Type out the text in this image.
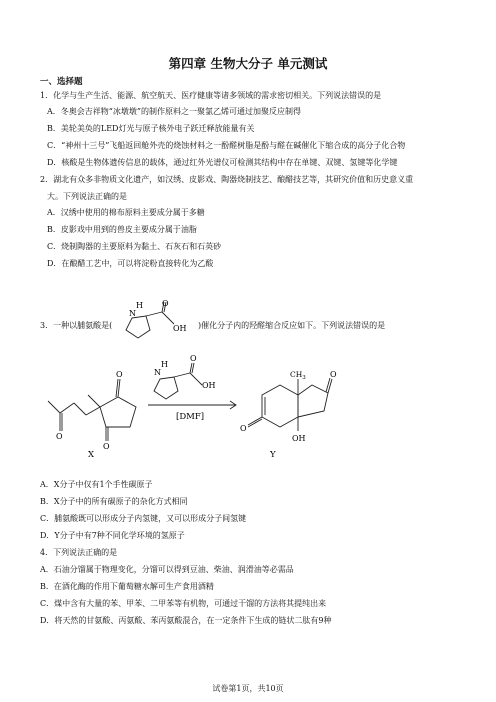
第四章 生物大分子 单元测试
一、选择题
1．化学与生产生活、能源、航空航天、医疗健康等诸多领域的需求密切相关。下列说法错误的是
A．冬奥会吉祥物“冰墩墩”的制作原料之一聚氯乙烯可通过加聚反应制得
B．美轮美奂的LED灯光与原子核外电子跃迁释放能量有关
C．“神州十三号”飞船返回舱外壳的烧蚀材料之一酚醛树脂是酚与醛在碱催化下缩合成的高分子化合物
D．核酸是生物体遗传信息的载体，通过红外光谱仪可检测其结构中存在单键、双键、氢键等化学键
2．湖北有众多非物质文化遗产，如汉绣、皮影戏、陶器烧制技艺、酿醋技艺等，其研究价值和历史意义重
大。下列说法正确的是
A．汉绣中使用的棉布原料主要成分属于多糖
B．皮影戏中用到的兽皮主要成分属于油脂
C．烧制陶器的主要原料为黏土、石灰石和石英砂
D．在酿醋工艺中，可以将淀粉直接转化为乙酸
3．一种以脯氨酸是(
N
H O
OH )催化分子内的羟醛缩合反应如下。下列说法错误的是
N
H
O
OH
[DMF]
O
O
O
X
$CH_3$	O
O
OH
Y
A．X分子中仅有1个手性碳原子
B．X分子中的所有碳原子的杂化方式相同
C．脯氨酸既可以形成分子内氢键，又可以形成分子间氢键
D．Y分子中有7种不同化学环境的氢原子
4．下列说法正确的是
A．石油分馏属于物理变化，分馏可以得到豆油、柴油、润滑油等必需品
B．在酒化酶的作用下葡萄糖水解可生产食用酒精
C．煤中含有大量的苯、甲苯、二甲苯等有机物，可通过干馏的方法将其提纯出来
D．将天然的甘氨酸、丙氨酸、苯丙氨酸混合，在一定条件下生成的链状二肽有9种
试卷第1页，共10页
